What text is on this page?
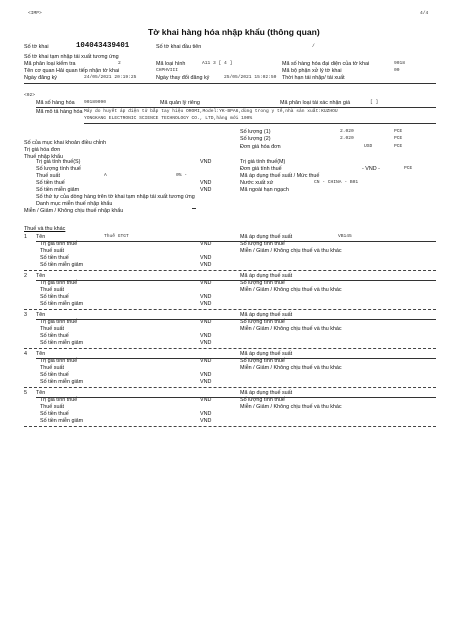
<IMP>	4/4
Tờ khai hàng hóa nhập khẩu (thông quan)
Số tờ khai	104043439401	Số tờ khai đầu tiên	/
Số tờ khai tạm nhập tái xuất tương ứng
Mã phân loại kiểm tra	2	Mã loại hình	A11 3 [ 4 ]	Mã số hàng hóa đại diện của tờ khai	9018
Tên cơ quan Hải quan tiếp nhận tờ khai	CHPHVIII	Mã bộ phận xử lý tờ khai	00
Ngày đăng ký	24/05/2021 20:19:25	Ngày thay đổi đăng ký	25/05/2021 15:02:50 Thời hạn tái nhập/ tái xuất
<02>
Mã số hàng hóa 90189090	Mã quản lý riêng	Mã phân loại tái xác nhận giá	[ ]
Mã mô tả hàng hóa Máy do huyết áp điện tử bắp tay hiệu OROMI,Model:YK-BPA6,dùng trong y tế,nhà sản xuất:KUZHOU
YONGKANG ELECTRONIC SCIENCE TECHNOLOGY CO., LTD,hàng mới 100%
Số lượng (1)	2.020	PCE
Số lượng (2)	2.020	PCE
Số của mục khai khoản điều chỉnh
Trị giá hóa đơn	Đơn giá hóa đơn	USD	PCE
Thuế nhập khẩu
Trị giá tính thuế(S)	VND	Trị giá tính thuế(M)
Số lượng tính thuế	Đơn giá tính thuế	- VND -	PCE
Thuế suất	A	0% -	Mã áp dụng thuế suất / Mức thuế
Số tiền thuế	VND	Nước xuất xứ	CN - CHINA - B01
Số tiền miễn giảm	VND	Mã ngoài hạn ngạch
Số thứ tự của dòng hàng trên tờ khai tạm nhập tái xuất tương ứng
Danh mục miễn thuế nhập khẩu
Miễn / Giảm / Không chịu thuế nhập khẩu
Thuế và thu khác
1 Tên	Thuế GTGT	Mã áp dụng thuế suất	VB145
Trị giá tính thuế	VND	Số lượng tính thuế
Thuế suất	Miễn / Giảm / Không chịu thuế và thu khác
Số tiền thuế	VND
Số tiền miễn giảm	VND
2 Tên	Mã áp dụng thuế suất
Trị giá tính thuế	VND	Số lượng tính thuế
Thuế suất	Miễn / Giảm / Không chịu thuế và thu khác
Số tiền thuế	VND
Số tiền miễn giảm	VND
3 Tên	Mã áp dụng thuế suất
Trị giá tính thuế	VND	Số lượng tính thuế
Thuế suất	Miễn / Giảm / Không chịu thuế và thu khác
Số tiền thuế	VND
Số tiền miễn giảm	VND
4 Tên	Mã áp dụng thuế suất
Trị giá tính thuế	VND	Số lượng tính thuế
Thuế suất	Miễn / Giảm / Không chịu thuế và thu khác
Số tiền thuế	VND
Số tiền miễn giảm	VND
5 Tên	Mã áp dụng thuế suất
Trị giá tính thuế	VND	Số lượng tính thuế
Thuế suất	Miễn / Giảm / Không chịu thuế và thu khác
Số tiền thuế	VND
Số tiền miễn giảm	VND
